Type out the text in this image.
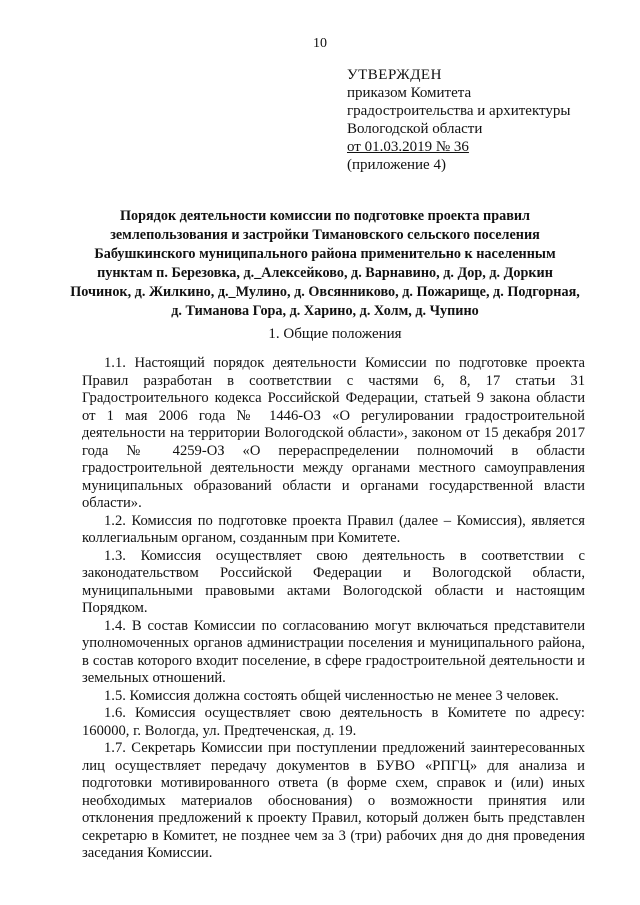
10
УТВЕРЖДЕН
приказом Комитета
градостроительства и архитектуры
Вологодской области
от 01.03.2019 № 36
(приложение 4)
Порядок деятельности комиссии по подготовке проекта правил землепользования и застройки Тимановского сельского поселения Бабушкинского муниципального района применительно к населенным пунктам п. Березовка, д._Алексейково, д. Варнавино, д. Дор, д. Доркин Починок, д. Жилкино, д._Мулино, д. Овсянниково, д. Пожарище, д. Подгорная, д. Тиманова Гора, д. Харино, д. Холм, д. Чупино
1. Общие положения

1.1. Настоящий порядок деятельности Комиссии по подготовке проекта Правил разработан в соответствии с частями 6, 8, 17 статьи 31 Градостроительного кодекса Российской Федерации, статьей 9 закона области от 1 мая 2006 года № 1446-ОЗ «О регулировании градостроительной деятельности на территории Вологодской области», законом от 15 декабря 2017 года № 4259-ОЗ «О перераспределении полномочий в области градостроительной деятельности между органами местного самоуправления муниципальных образований области и органами государственной власти области».

1.2. Комиссия по подготовке проекта Правил (далее – Комиссия), является коллегиальным органом, созданным при Комитете.

1.3. Комиссия осуществляет свою деятельность в соответствии с законодательством Российской Федерации и Вологодской области, муниципальными правовыми актами Вологодской области и настоящим Порядком.

1.4. В состав Комиссии по согласованию могут включаться представители уполномоченных органов администрации поселения и муниципального района, в состав которого входит поселение, в сфере градостроительной деятельности и земельных отношений.

1.5. Комиссия должна состоять общей численностью не менее 3 человек.

1.6. Комиссия осуществляет свою деятельность в Комитете по адресу: 160000, г. Вологда, ул. Предтеченская, д. 19.

1.7. Секретарь Комиссии при поступлении предложений заинтересованных лиц осуществляет передачу документов в БУВО «РПГЦ» для анализа и подготовки мотивированного ответа (в форме схем, справок и (или) иных необходимых материалов обоснования) о возможности принятия или отклонения предложений к проекту Правил, который должен быть представлен секретарю в Комитет, не позднее чем за 3 (три) рабочих дня до дня проведения заседания Комиссии.
